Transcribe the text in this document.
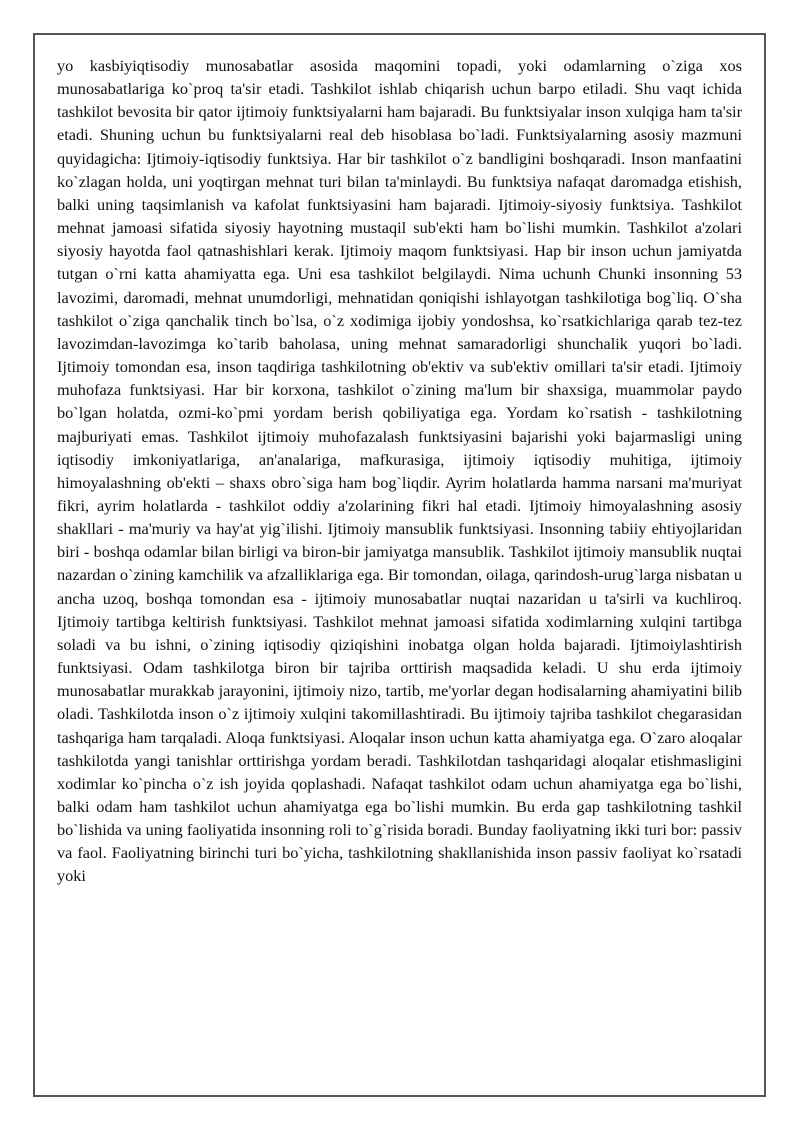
yo kasbiyiqtisodiy munosabatlar asosida maqomini topadi, yoki odamlarning o`ziga xos munosabatlariga ko`proq ta'sir etadi. Tashkilot ishlab chiqarish uchun barpo etiladi. Shu vaqt ichida tashkilot bevosita bir qator ijtimoiy funktsiyalarni ham bajaradi. Bu funktsiyalar inson xulqiga ham ta'sir etadi. Shuning uchun bu funktsiyalarni real deb hisoblasa bo`ladi. Funktsiyalarning asosiy mazmuni quyidagicha: Ijtimoiy-iqtisodiy funktsiya. Har bir tashkilot o`z bandligini boshqaradi. Inson manfaatini ko`zlagan holda, uni yoqtirgan mehnat turi bilan ta'minlaydi. Bu funktsiya nafaqat daromadga etishish, balki uning taqsimlanish va kafolat funktsiyasini ham bajaradi. Ijtimoiy-siyosiy funktsiya. Tashkilot mehnat jamoasi sifatida siyosiy hayotning mustaqil sub'ekti ham bo`lishi mumkin. Tashkilot a'zolari siyosiy hayotda faol qatnashishlari kerak. Ijtimoiy maqom funktsiyasi. Hap bir inson uchun jamiyatda tutgan o`rni katta ahamiyatta ega. Uni esa tashkilot belgilaydi. Nima uchunh Chunki insonning 53 lavozimi, daromadi, mehnat unumdorligi, mehnatidan qoniqishi ishlayotgan tashkilotiga bog`liq. O`sha tashkilot o`ziga qanchalik tinch bo`lsa, o`z xodimiga ijobiy yondoshsa, ko`rsatkichlariga qarab tez-tez lavozimdan-lavozimga ko`tarib baholasa, uning mehnat samaradorligi shunchalik yuqori bo`ladi. Ijtimoiy tomondan esa, inson taqdiriga tashkilotning ob'ektiv va sub'ektiv omillari ta'sir etadi. Ijtimoiy muhofaza funktsiyasi. Har bir korxona, tashkilot o`zining ma'lum bir shaxsiga, muammolar paydo bo`lgan holatda, ozmi-ko`pmi yordam berish qobiliyatiga ega. Yordam ko`rsatish - tashkilotning majburiyati emas. Tashkilot ijtimoiy muhofazalash funktsiyasini bajarishi yoki bajarmasligi uning iqtisodiy imkoniyatlariga, an'analariga, mafkurasiga, ijtimoiy iqtisodiy muhitiga, ijtimoiy himoyalashning ob'ekti – shaxs obro`siga ham bog`liqdir. Ayrim holatlarda hamma narsani ma'muriyat fikri, ayrim holatlarda - tashkilot oddiy a'zolarining fikri hal etadi. Ijtimoiy himoyalashning asosiy shakllari - ma'muriy va hay'at yig`ilishi. Ijtimoiy mansublik funktsiyasi. Insonning tabiiy ehtiyojlaridan biri - boshqa odamlar bilan birligi va biron-bir jamiyatga mansublik. Tashkilot ijtimoiy mansublik nuqtai nazardan o`zining kamchilik va afzalliklariga ega. Bir tomondan, oilaga, qarindosh-urug`larga nisbatan u ancha uzoq, boshqa tomondan esa - ijtimoiy munosabatlar nuqtai nazaridan u ta'sirli va kuchliroq. Ijtimoiy tartibga keltirish funktsiyasi. Tashkilot mehnat jamoasi sifatida xodimlarning xulqini tartibga soladi va bu ishni, o`zining iqtisodiy qiziqishini inobatga olgan holda bajaradi. Ijtimoiylashtirish funktsiyasi. Odam tashkilotga biron bir tajriba orttirish maqsadida keladi. U shu erda ijtimoiy munosabatlar murakkab jarayonini, ijtimoiy nizo, tartib, me'yorlar degan hodisalarning ahamiyatini bilib oladi. Tashkilotda inson o`z ijtimoiy xulqini takomillashtiradi. Bu ijtimoiy tajriba tashkilot chegarasidan tashqariga ham tarqaladi. Aloqa funktsiyasi. Aloqalar inson uchun katta ahamiyatga ega. O`zaro aloqalar tashkilotda yangi tanishlar orttirishga yordam beradi. Tashkilotdan tashqaridagi aloqalar etishmasligini xodimlar ko`pincha o`z ish joyida qoplashadi. Nafaqat tashkilot odam uchun ahamiyatga ega bo`lishi, balki odam ham tashkilot uchun ahamiyatga ega bo`lishi mumkin. Bu erda gap tashkilotning tashkil bo`lishida va uning faoliyatida insonning roli to`g`risida boradi. Bunday faoliyatning ikki turi bor: passiv va faol. Faoliyatning birinchi turi bo`yicha, tashkilotning shakllanishida inson passiv faoliyat ko`rsatadi yoki
